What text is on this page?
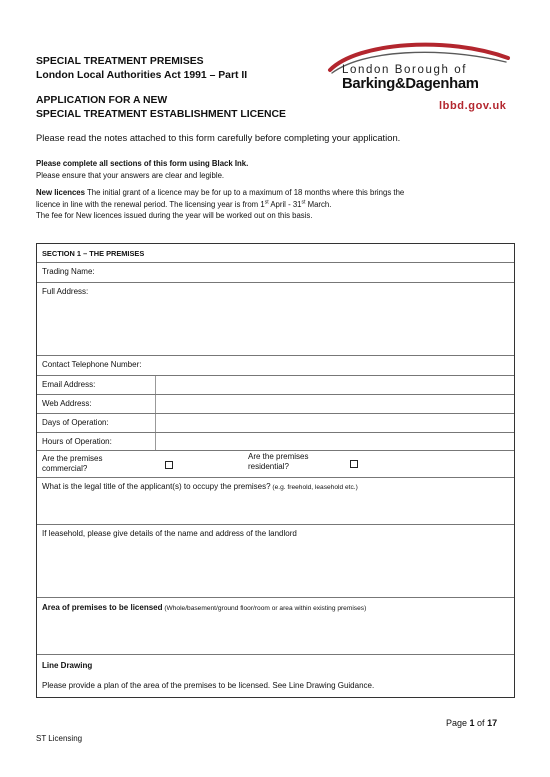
SPECIAL TREATMENT PREMISES
London Local Authorities Act 1991 – Part II
APPLICATION FOR A NEW
SPECIAL TREATMENT ESTABLISHMENT LICENCE
London Borough of
Barking&Dagenham
lbbd.gov.uk
Please read the notes attached to this form carefully before completing your application.

Please complete all sections of this form using Black Ink.

Please ensure that your answers are clear and legible.

New licences The initial grant of a licence may be for up to a maximum of 18 months where this brings the

licence in line with the renewal period. The licensing year is from 1st April - 31st March.

The fee for New licences issued during the year will be worked out on this basis.

SECTION 1 – THE PREMISES
Trading Name:
Full Address:
Contact Telephone Number:
Email Address:
Web Address:
Days of Operation:
Hours of Operation:
Are the premises
commercial?
Are the premises
residential?
What is the legal title of the applicant(s) to occupy the premises? (e.g. freehold, leasehold etc.)
If leasehold, please give details of the name and address of the landlord
Area of premises to be licensed (Whole/basement/ground floor/room or area within existing premises)
Line Drawing
Please provide a plan of the area of the premises to be licensed. See Line Drawing Guidance.
Page 1 of 17
ST Licensing
